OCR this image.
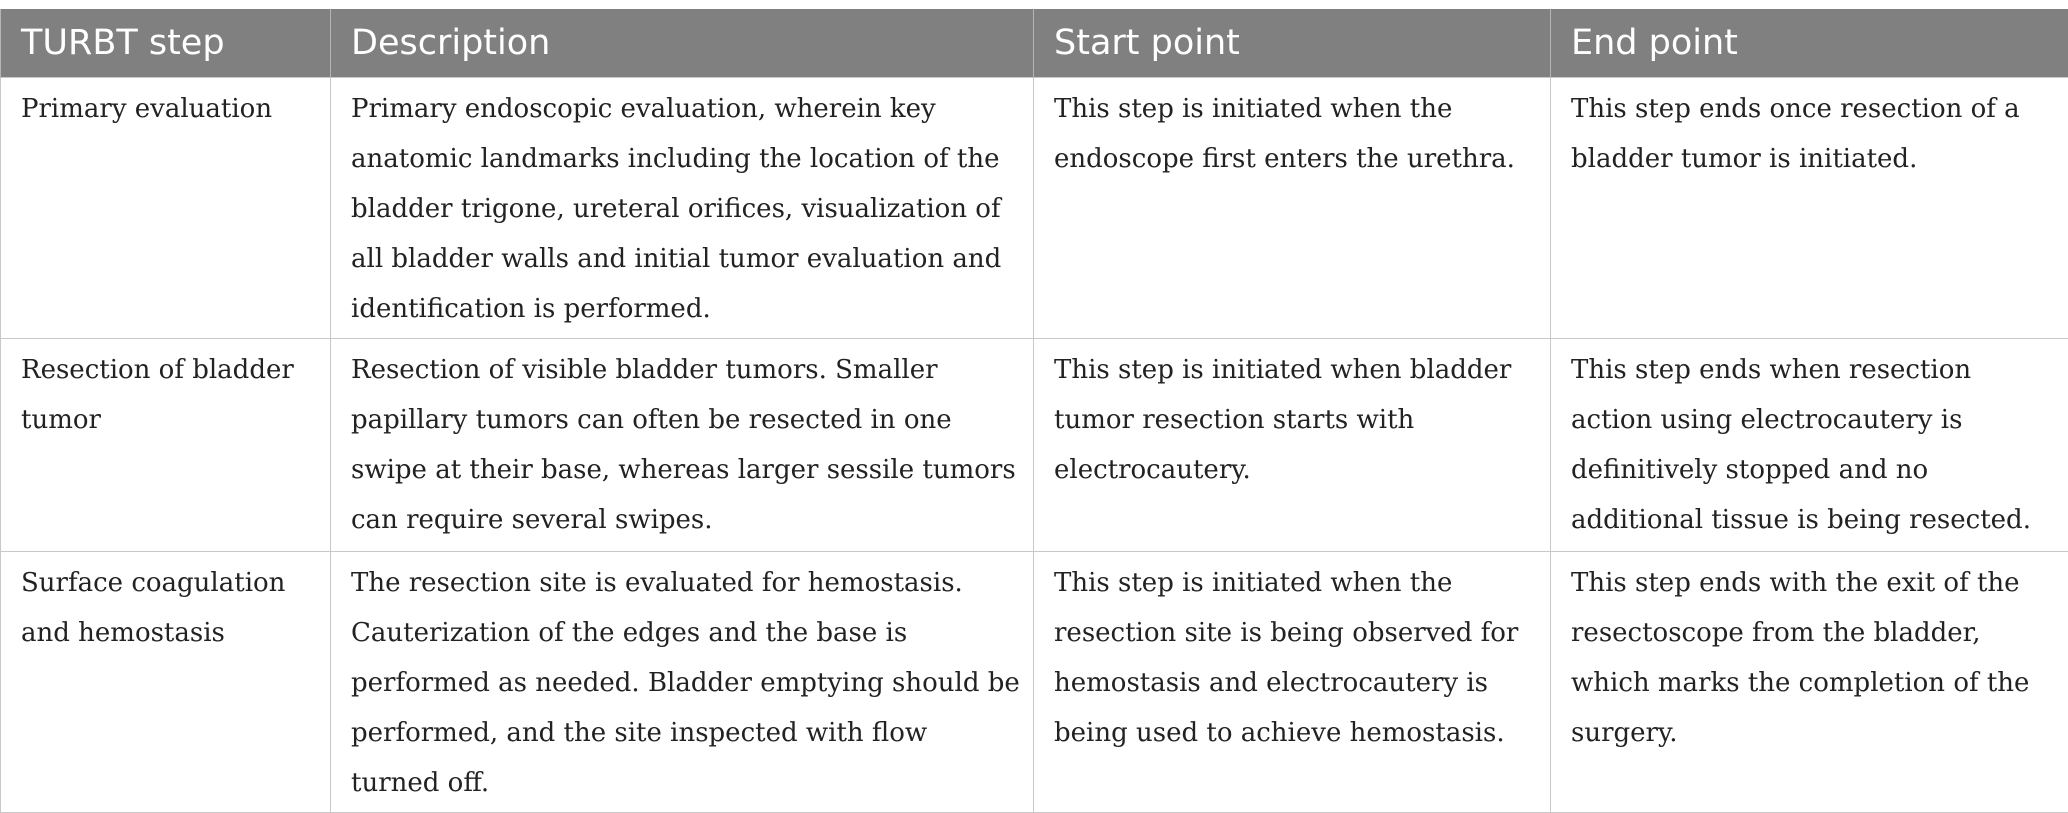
TURBT step	Description	Start point	End point
Primary evaluation	Primary endoscopic evaluation, wherein key anatomic landmarks including the location of the bladder trigone, ureteral orifices, visualization of all bladder walls and initial tumor evaluation and identification is performed.	This step is initiated when the endoscope first enters the urethra.	This step ends once resection of a bladder tumor is initiated.
Resection of bladder tumor	Resection of visible bladder tumors. Smaller papillary tumors can often be resected in one swipe at their base, whereas larger sessile tumors can require several swipes.	This step is initiated when bladder tumor resection starts with electrocautery.	This step ends when resection action using electrocautery is definitively stopped and no additional tissue is being resected.
Surface coagulation and hemostasis	The resection site is evaluated for hemostasis. Cauterization of the edges and the base is performed as needed. Bladder emptying should be performed, and the site inspected with flow turned off.	This step is initiated when the resection site is being observed for hemostasis and electrocautery is being used to achieve hemostasis.	This step ends with the exit of the resectoscope from the bladder, which marks the completion of the surgery.
